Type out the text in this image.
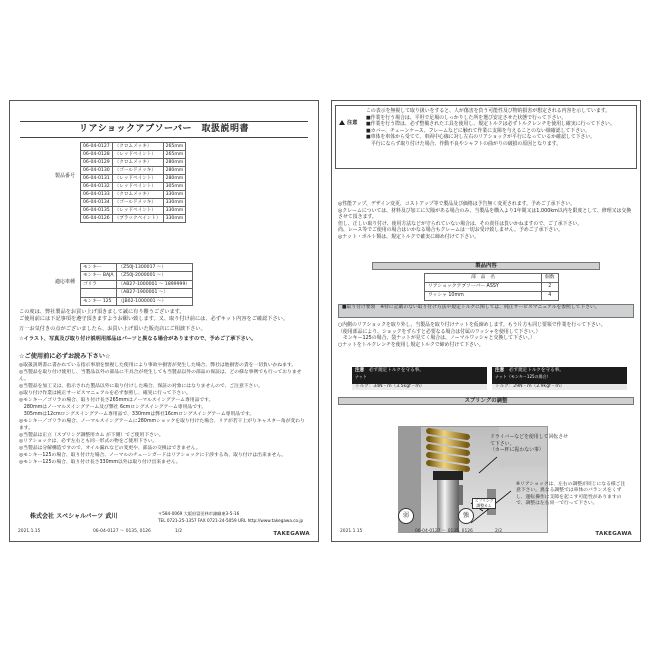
リアショックアブソーバー　取扱説明書
製品番号
06-04-0127	（クロムメッキ）	265mm
06-04-0128	（レッドペイント）	265mm
06-04-0129	（クロムメッキ）	280mm
06-04-0130	（ゴールドメッキ）	280mm
06-04-0131	（レッドペイント）	280mm
06-04-0132	（レッドペイント）	305mm
06-04-0133	（クロムメッキ）	330mm
06-04-0134	（ゴールドメッキ）	330mm
06-04-0135	（レッドペイント）	330mm
06-04-0126	（ブラックペイント）	330mm
適応車種
モンキー	（Z50J-1300017 〜）
モンキー BAJA	（Z50J-2000001 〜）
ゴリラ	（AB27-1000001 〜 1899999）
	（AB27-1900001 〜）
モンキー 125	（JB02-1000001 〜）
この度は、弊社製品をお買い上げ頂きまして誠に有り難うございます。
ご使用前には下記事項を遵守頂きますようお願い致します。又、取り付け前には、必ずキット内容をご確認下さい。
万一お気付きの点がございましたら、お買い上げ頂いた販売店にご相談下さい。
☆イラスト、写真及び取り付け説明用部品はパーツと異なる場合がありますので、予めご了承下さい。
☆ご使用前に必ずお読み下さい☆
◎取扱説明書に書かれている指示事項を無視した使用により事故や損害が発生した場合、弊社は他損害の責を一切負いかねます。
◎当製品を取り付け使用し、当製品以外の部品に不具合が発生しても当製品以外の部品の保証は、どの様な事例でも行っておりません。
◎当製品を加工又は、指示された製品以外に取り付けした場合、保証の対象にはなりませんので、ご注意下さい。
◎取り付け作業は純正サービスマニュアルを必ず参照し、確実に行って下さい。
◎モンキー／ゴリラの場合、取り付け長さ265mmはノーマルスイングアーム専用品です。
　280mmはノーマルスイングアーム及び弊社 6cmロングスイングアーム専用品です。
　305mmは12cmロングスイングアーム専用品で、330mmは弊社16cmロングスイングアーム専用品です。
◎モンキー／ゴリラの場合、ノーマルスイングアームに280mmショックを取り付けた場合、リアが若干上がりキャスター角が変わります。
◎当製品は正立（スプリング調整用カム が下側）でご使用下さい。
◎リアショックは、必ず左右とも同一形式の物をご使用下さい。
◎当製品は分解構造ですので、オイル漏れなどの変更や、部品の交換はできません。
◎モンキー125の場合、取り付けた場合、ノーマルのチェーンガードはリアショックに干渉する為、取り付けは出来ません。
◎モンキー125の場合、取り付け長さ330mm以外は取り付け出来ません。
株式会社 スペシャルパーツ 武川	〒584-0069 大阪府富田林市錦織東3-5-16
TEL 0721-25-1357 FAX 0721-24-5059 URL http://www.takegawa.co.jp
2021.1.15	06-04-0127 〜 0135, 0126	1/2	TAKEGAWA
注意
この表示を無視して取り扱いをすると、人が傷害を負う可能性及び物的損害が想定される内容を示しています。
■作業を行う場合は、平坦で足場のしっかりした所を選び安定させた状態で行って下さい。
■作業を行う際は、必ず整備された工具を使用し、規定トルクは必ずトルクレンチを使用し確実に行って下さい。
■カバー、チェーンケース、フレームなどに触れて作業に支障を与えることのない様確認して下さい。
■車体を車体から受てて、車両中心線に対し左右のリアショックが平行になっているか確認して下さい。
　平行にならず取り付けた場合、作動不良やシャフトの曲がりの破損の原因となります。
◎性能アップ、デザイン変更、コストアップ等で製品及び価格は予告無く変更されます。予めご了承下さい。
◎クレームについては、材料及び加工に欠陥がある場合のみ、当製品を購入より1年間又は1,000km以内を限度として、修理又は交換させて頂きます。
但し、正しい取り付け、使用方法などが守られていない場合は、その責任は負いかねますので、ご了承下さい。
尚、レース等でご使用の場合はいかなる場合もクレームは一切お受け致しません。予めご了承下さい。
◎ナット・ボルト類は、規定トルクで確実に締め付けて下さい。
製品内容
部　品　名	個数
リアショックアブソーバー ASSY	2
ワッシャ 10mm	4
■取り付け要領　※特に記載のない取り付け方法や規定トルクに関しては、純正サービスマニュアルを参照して下さい。
○内側のリアショックを取り外し、当製品を取り付けナットを仮締めします。もう片方も同じ要領で作業を行って下さい。
（使用部品により、ショックをずらすと必要なる場合は付属のワッシャを使用して下さい。）
　モンキー125の場合、袋ナットが見てく場合は、ノーマルワッシャと交換して下さい。）
○ナットをトルクレンチを使用し規定トルクで締め付けて下さい。
注意　 必ず規定トルクを守る事。
ナット
トルク：34N・m（3.5kgf・m）
注意　 必ず規定トルクを守る事。
ナット（モンキー125の場合）
トルク：29N・m（2.9kgf・m）
スプリングの調整
ドライバーなどを使用して回転させて下さい。
（カー杯に振わない事）
※リアショックは、左右の調整が同じになる様ご注意下さい。異なる調整では車体のバランスをくずし、運転操作に支障を起こす可能性がありますので、調整は左右同一で行って下さい。
スプリング調整カム
弱	強
2021.1.15	06-04-0127 〜 0135, 0126	2/2	TAKEGAWA
